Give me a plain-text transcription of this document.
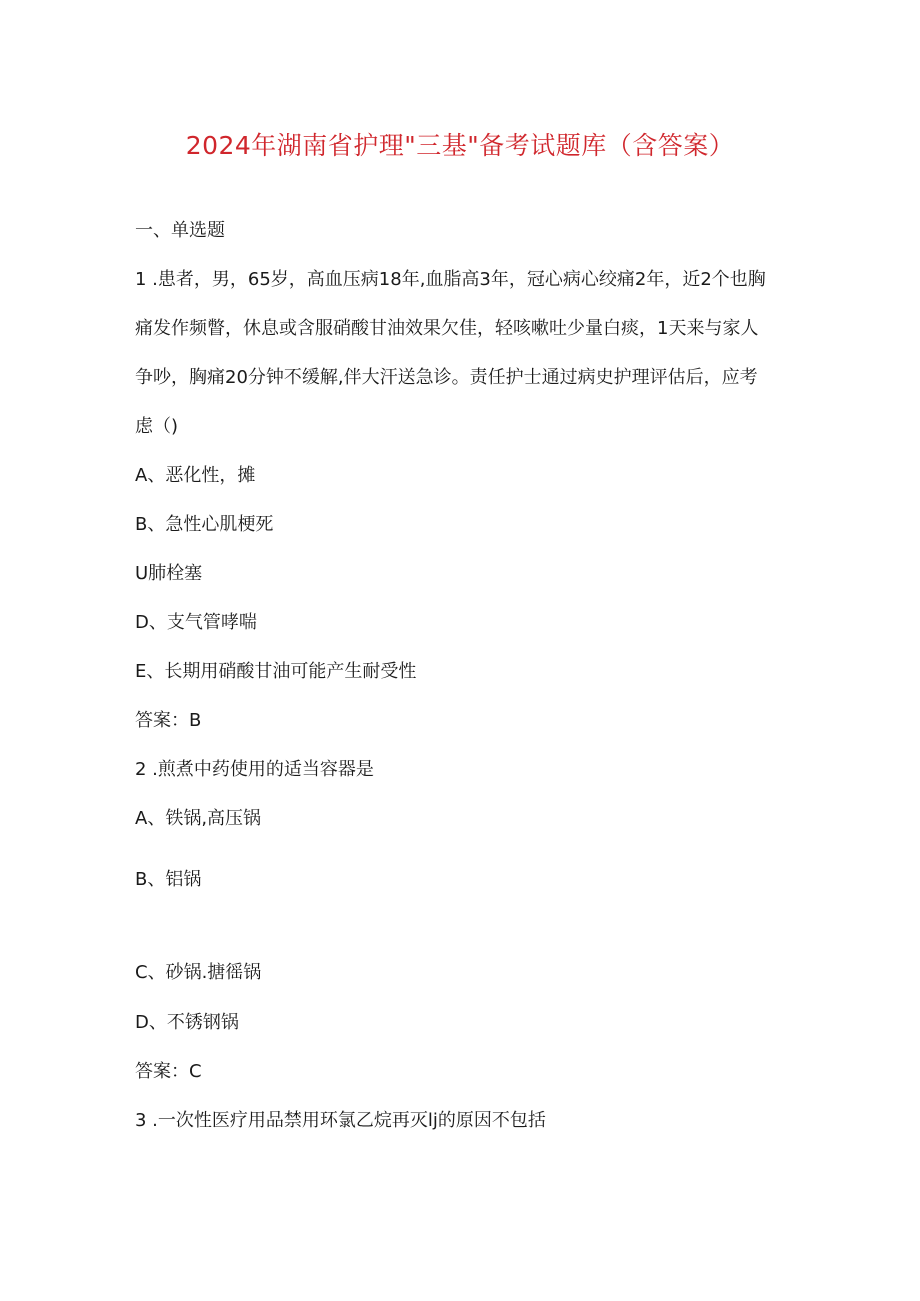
2024年湖南省护理"三基"备考试题库（含答案）
一、单选题
1 .患者，男，65岁，高血压病18年,血脂高3年，冠心病心绞痛2年，近2个也胸
痛发作频瞥，休息或含服硝酸甘油效果欠佳，轻咳嗽吐少量白痰，1天来与家人
争吵，胸痛20分钟不缓解,伴大汗送急诊。责任护士通过病史护理评估后，应考
虑（)
A、恶化性，摊
B、急性心肌梗死
U肺栓塞
D、支气管哮喘
E、长期用硝酸甘油可能产生耐受性
答案：B
2 .煎煮中药使用的适当容器是
A、铁锅,高压锅
B、铝锅
C、砂锅.搪徭锅
D、不锈钢锅
答案：C
3 .一次性医疗用品禁用环氯乙烷再灭lj的原因不包括
